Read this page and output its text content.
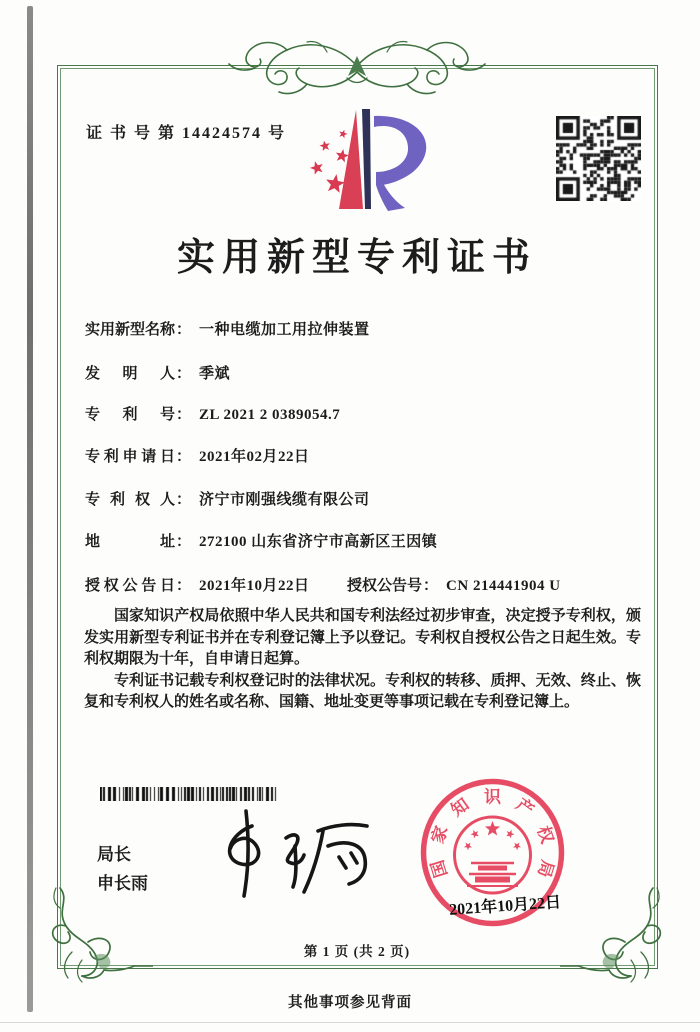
证 书 号 第 14424574 号
实用新型专利证书
实用新型名称： 一种电缆加工用拉伸装置
发明人： 季斌
专利号： ZL 2021 2 0389054.7
专利申请日： 2021年02月22日
专利权人： 济宁市刚强线缆有限公司
地址： 272100 山东省济宁市高新区王因镇
授权公告日： 2021年10月22日 授权公告号： CN 214441904 U

国家知识产权局依照中华人民共和国专利法经过初步审查，决定授予专利权，颁发实用新型专利证书并在专利登记簿上予以登记。专利权自授权公告之日起生效。专利权期限为十年，自申请日起算。

专利证书记载专利权登记时的法律状况。专利权的转移、质押、无效、终止、恢复和专利权人的姓名或名称、国籍、地址变更等事项记载在专利登记簿上。

局长
申长雨
国
家
知 识 产
权
局
2021年10月22日
第 1 页 (共 2 页)
其他事项参见背面
